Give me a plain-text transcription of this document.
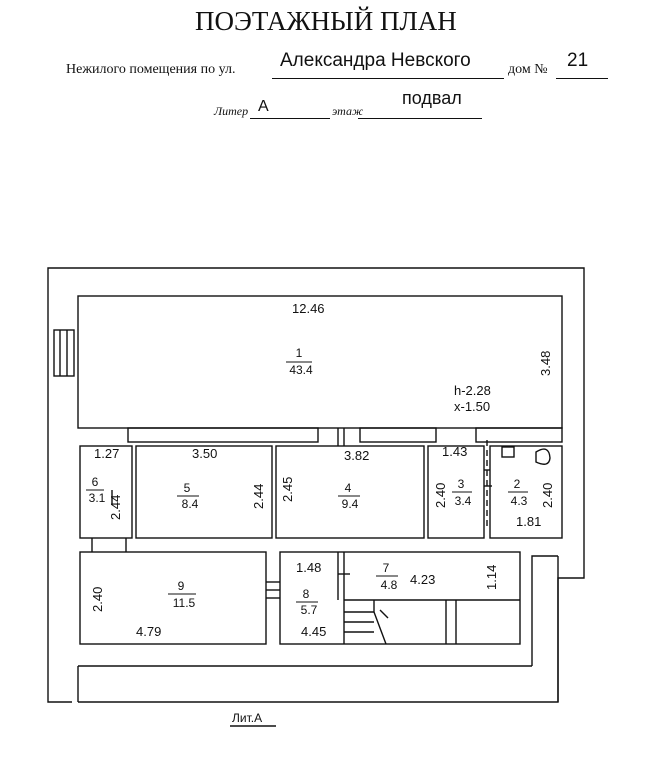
ПОЭТАЖНЫЙ ПЛАН
Нежилого помещения по ул. Александра Невского	дом № 21
Литер А	этаж
подвал
1
43.4
2
4.3
3
3.4
4
9.4
5
8.4
6
3.1
7
4.8
8
5.7
9
11.5
12.46
3.48
h-2.28
х-1.50
1.27
2.44
3.50
2.44
3.82
2.45
1.43
2.40	2.40
1.81
2.40
4.79
1.48
4.45
4.23	1.14
Лит.А
